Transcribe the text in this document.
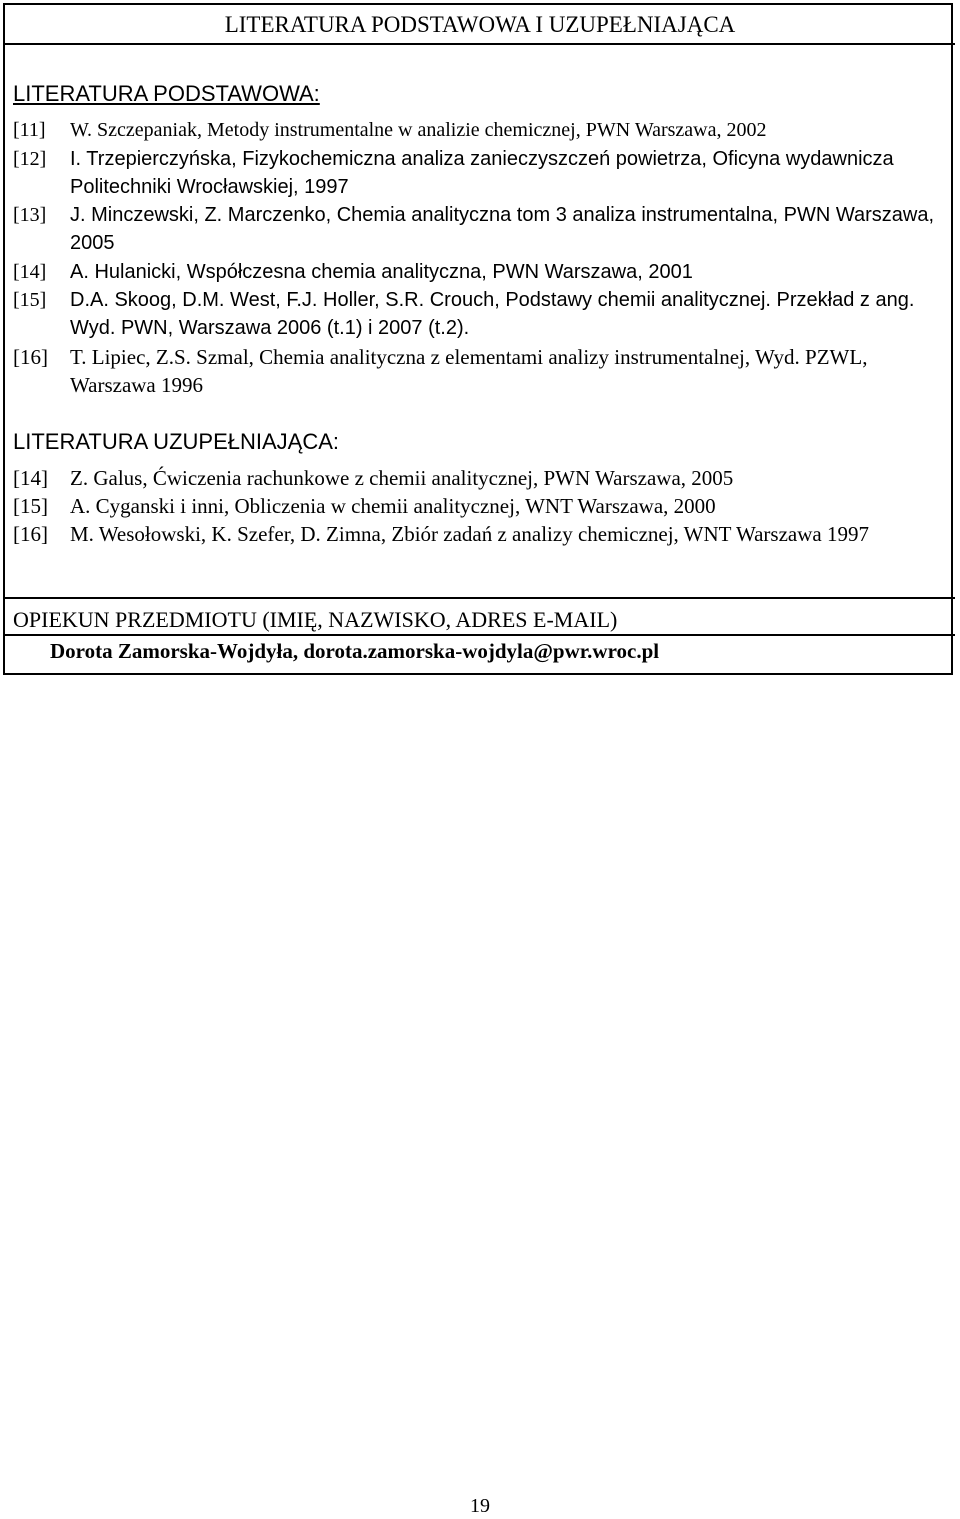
LITERATURA PODSTAWOWA I UZUPEŁNIAJĄCA
LITERATURA PODSTAWOWA:
[11]	W. Szczepaniak, Metody instrumentalne w analizie chemicznej, PWN Warszawa, 2002
[12]	I. Trzepierczyńska, Fizykochemiczna analiza zanieczyszczeń powietrza, Oficyna wydawnicza Politechniki Wrocławskiej, 1997
[13]	J. Minczewski, Z. Marczenko, Chemia analityczna tom 3 analiza instrumentalna, PWN Warszawa, 2005
[14]	A. Hulanicki, Współczesna chemia analityczna, PWN Warszawa, 2001
[15]	D.A. Skoog, D.M. West, F.J. Holler, S.R. Crouch, Podstawy chemii analitycznej. Przekład z ang. Wyd. PWN, Warszawa 2006 (t.1) i 2007 (t.2).
[16]	T. Lipiec, Z.S. Szmal, Chemia analityczna z elementami analizy instrumentalnej, Wyd. PZWL, Warszawa 1996
LITERATURA UZUPEŁNIAJĄCA:
[14]	Z. Galus, Ćwiczenia rachunkowe z chemii analitycznej, PWN Warszawa, 2005
[15]	A. Cyganski i inni, Obliczenia w chemii analitycznej, WNT Warszawa, 2000
[16]	M. Wesołowski, K. Szefer, D. Zimna, Zbiór zadań z analizy chemicznej, WNT Warszawa 1997
OPIEKUN PRZEDMIOTU (IMIĘ, NAZWISKO, ADRES E-MAIL)
Dorota Zamorska-Wojdyła, dorota.zamorska-wojdyla@pwr.wroc.pl
19
